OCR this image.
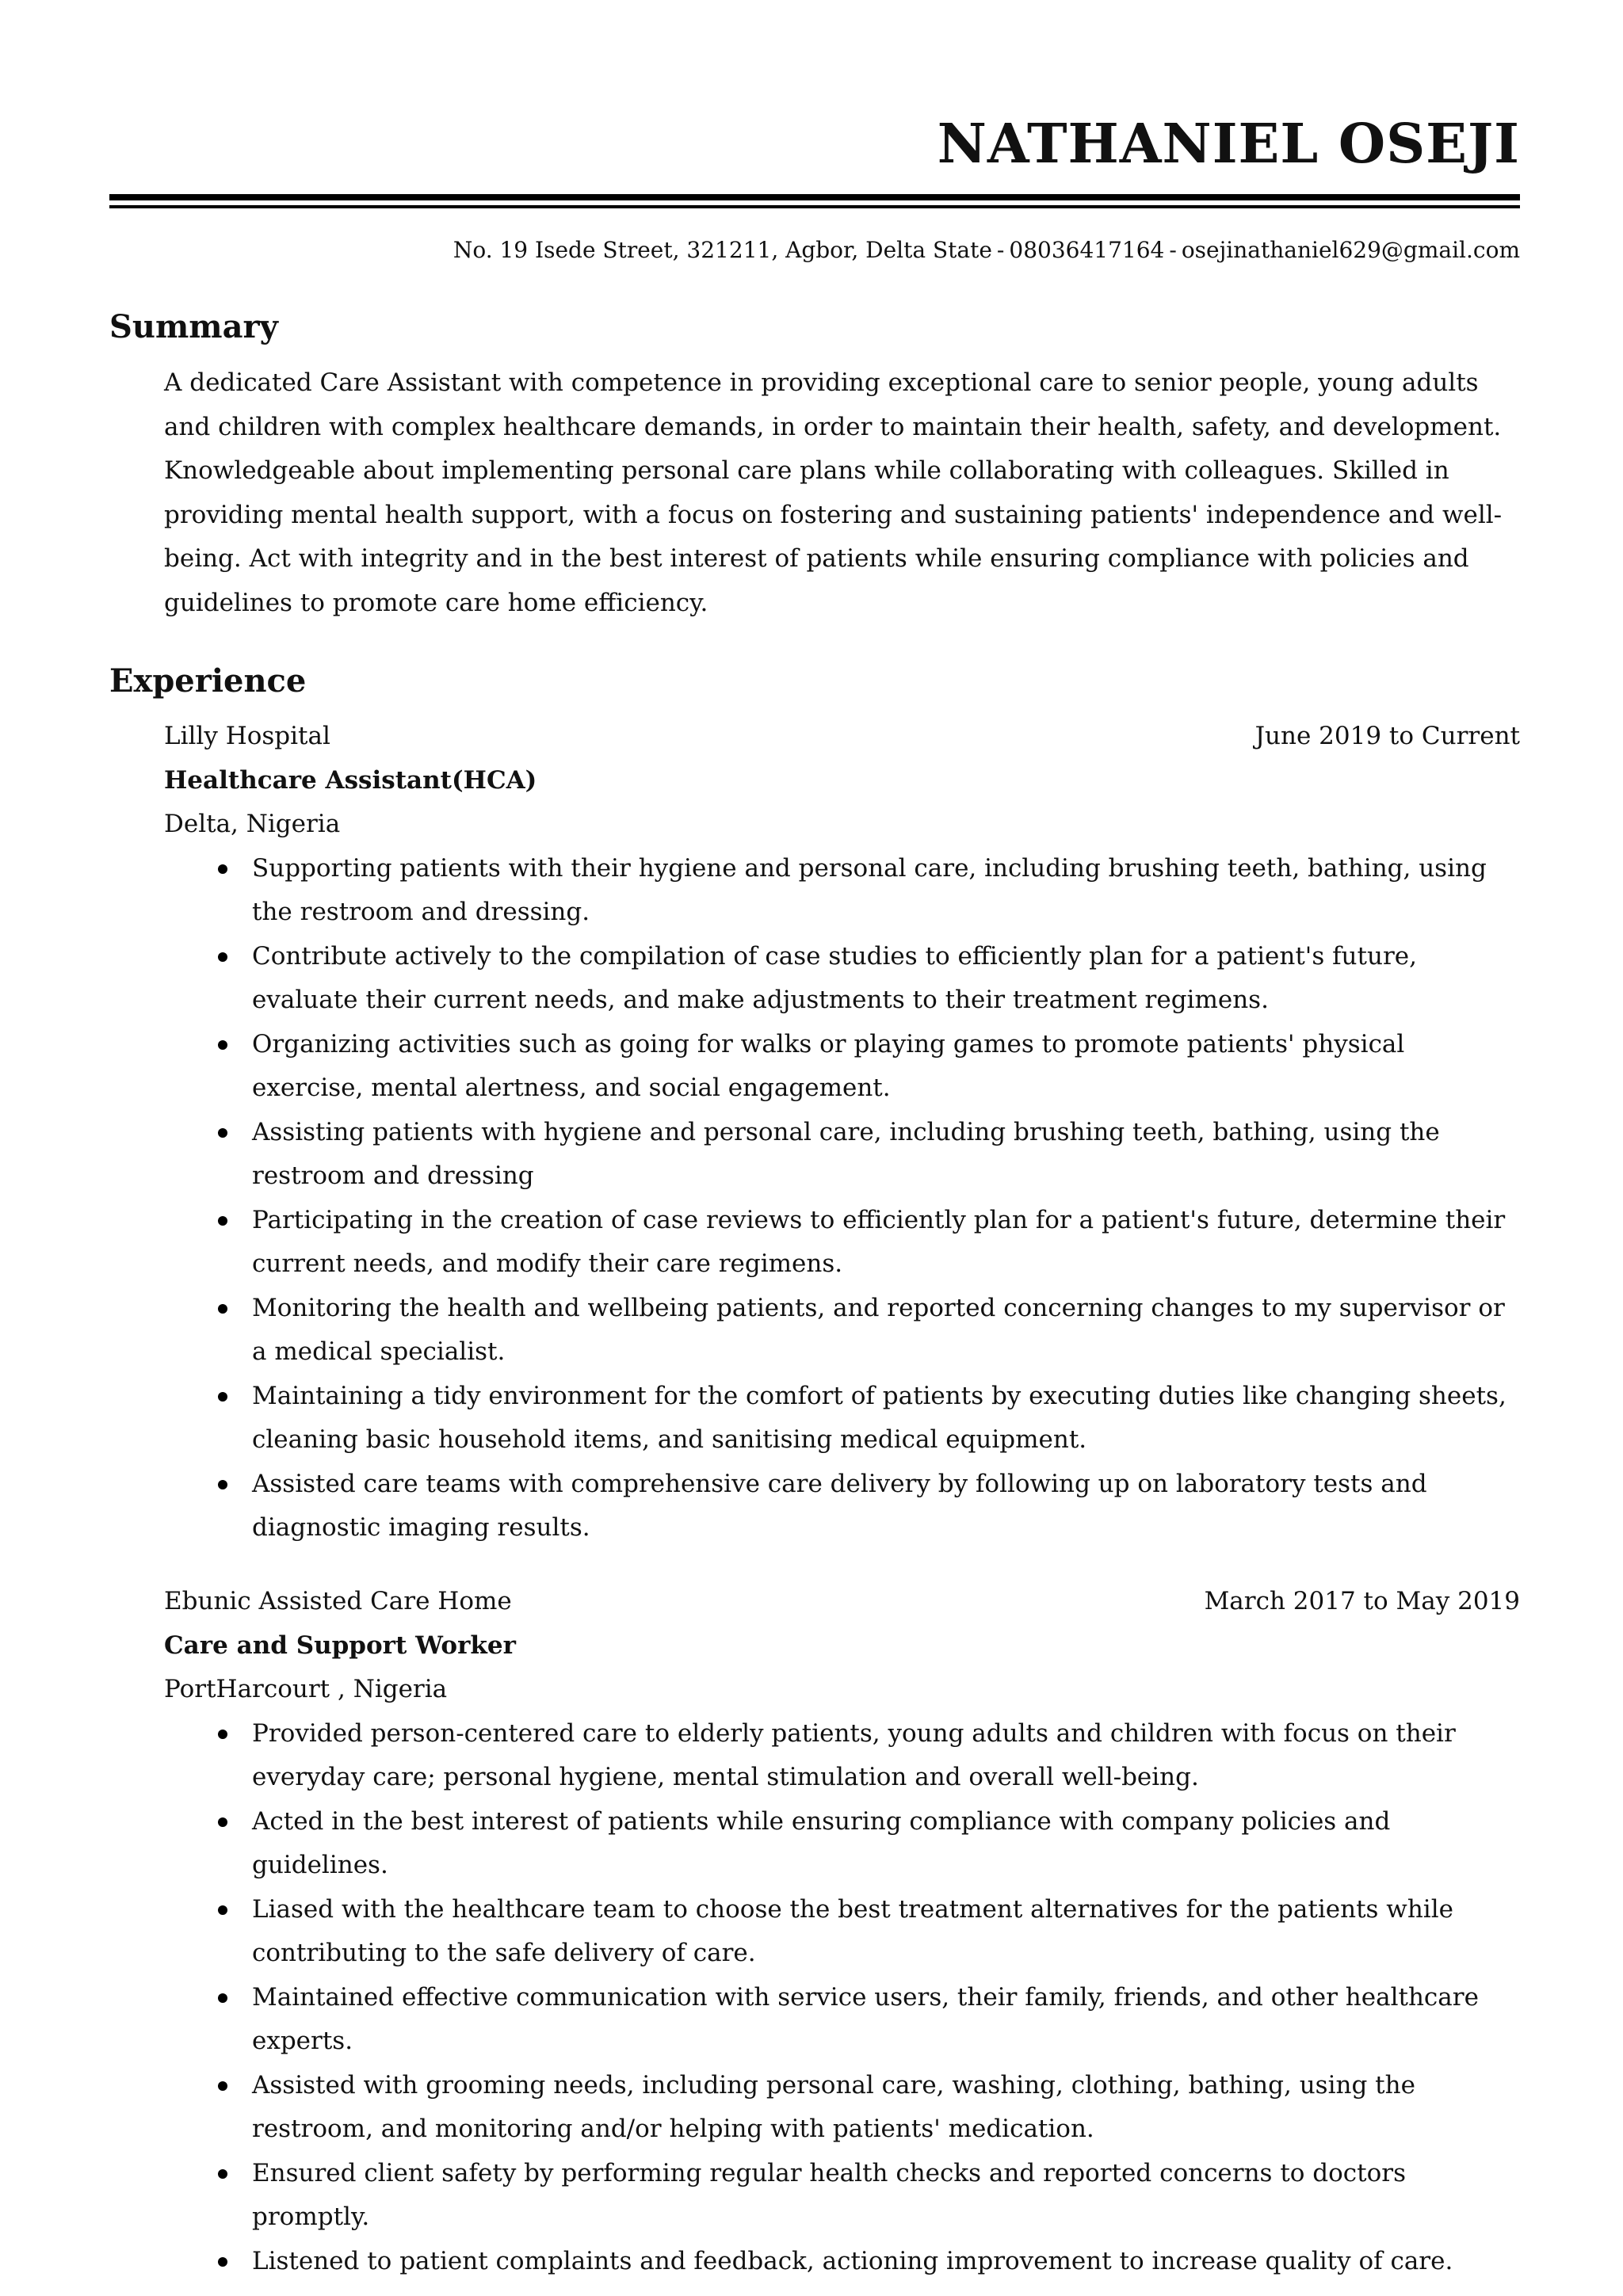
NATHANIEL OSEJI
No. 19 Isede Street, 321211, Agbor, Delta State - 08036417164 - osejinathaniel629@gmail.com
Summary

A dedicated Care Assistant with competence in providing exceptional care to senior people, young adults and children with complex healthcare demands, in order to maintain their health, safety, and development. Knowledgeable about implementing personal care plans while collaborating with colleagues. Skilled in providing mental health support, with a focus on fostering and sustaining patients' independence and well-being. Act with integrity and in the best interest of patients while ensuring compliance with policies and guidelines to promote care home efficiency.

Experience
Lilly Hospital	June 2019 to Current
Healthcare Assistant(HCA)
Delta, Nigeria
Supporting patients with their hygiene and personal care, including brushing teeth, bathing, using the restroom and dressing.
Contribute actively to the compilation of case studies to efficiently plan for a patient's future, evaluate their current needs, and make adjustments to their treatment regimens.
Organizing activities such as going for walks or playing games to promote patients' physical exercise, mental alertness, and social engagement.
Assisting patients with hygiene and personal care, including brushing teeth, bathing, using the restroom and dressing
Participating in the creation of case reviews to efficiently plan for a patient's future, determine their current needs, and modify their care regimens.
Monitoring the health and wellbeing patients, and reported concerning changes to my supervisor or a medical specialist.
Maintaining a tidy environment for the comfort of patients by executing duties like changing sheets, cleaning basic household items, and sanitising medical equipment.
Assisted care teams with comprehensive care delivery by following up on laboratory tests and diagnostic imaging results.
Ebunic Assisted Care Home	March 2017 to May 2019
Care and Support Worker
PortHarcourt , Nigeria
Provided person-centered care to elderly patients, young adults and children with focus on their everyday care; personal hygiene, mental stimulation and overall well-being.
Acted in the best interest of patients while ensuring compliance with company policies and guidelines.
Liased with the healthcare team to choose the best treatment alternatives for the patients while contributing to the safe delivery of care.
Maintained effective communication with service users, their family, friends, and other healthcare experts.
Assisted with grooming needs, including personal care, washing, clothing, bathing, using the restroom, and monitoring and/or helping with patients' medication.
Ensured client safety by performing regular health checks and reported concerns to doctors promptly.
Listened to patient complaints and feedback, actioning improvement to increase quality of care.
